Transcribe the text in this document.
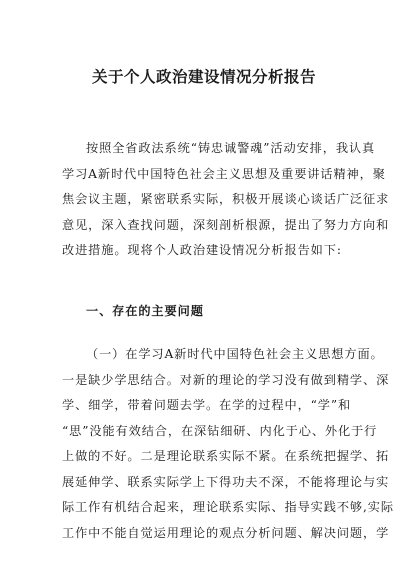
关于个人政治建设情况分析报告
按照全省政法系统“铸忠诚警魂”活动安排，我认真
学习A新时代中国特色社会主义思想及重要讲话精神，聚
焦会议主题，紧密联系实际，积极开展谈心谈话广泛征求
意见，深入查找问题，深刻剖析根源，提出了努力方向和
改进措施。现将个人政治建设情况分析报告如下:
一、存在的主要问题
（一）在学习A新时代中国特色社会主义思想方面。
一是缺少学思结合。对新的理论的学习没有做到精学、深
学、细学，带着问题去学。在学的过程中，“学”和
“思”没能有效结合，在深钻细研、内化于心、外化于行
上做的不好。二是理论联系实际不紧。在系统把握学、拓
展延伸学、联系实际学上下得功夫不深，不能将理论与实
际工作有机结合起来，理论联系实际、指导实践不够,实际
工作中不能自觉运用理论的观点分析问题、解决问题，学
